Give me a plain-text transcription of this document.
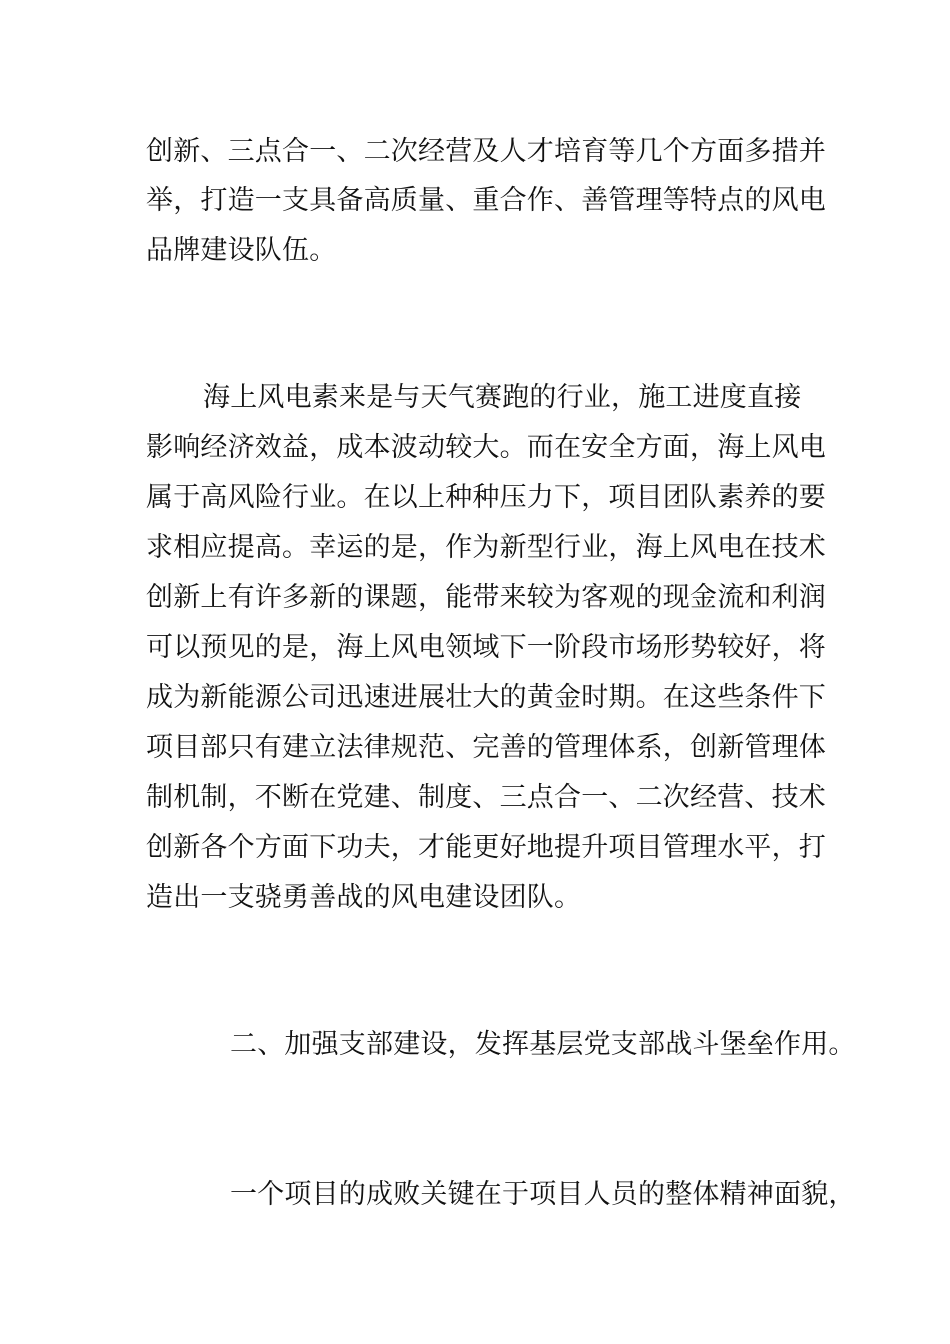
创新、三点合一、二次经营及人才培育等几个方面多措并
举，打造一支具备高质量、重合作、善管理等特点的风电
品牌建设队伍。
海上风电素来是与天气赛跑的行业，施工进度直接
影响经济效益，成本波动较大。而在安全方面，海上风电
属于高风险行业。在以上种种压力下，项目团队素养的要
求相应提高。幸运的是，作为新型行业，海上风电在技术
创新上有许多新的课题，能带来较为客观的现金流和利润
可以预见的是，海上风电领域下一阶段市场形势较好，将
成为新能源公司迅速进展壮大的黄金时期。在这些条件下
项目部只有建立法律规范、完善的管理体系，创新管理体
制机制，不断在党建、制度、三点合一、二次经营、技术
创新各个方面下功夫，才能更好地提升项目管理水平，打
造出一支骁勇善战的风电建设团队。
二、加强支部建设，发挥基层党支部战斗堡垒作用。
一个项目的成败关键在于项目人员的整体精神面貌，
